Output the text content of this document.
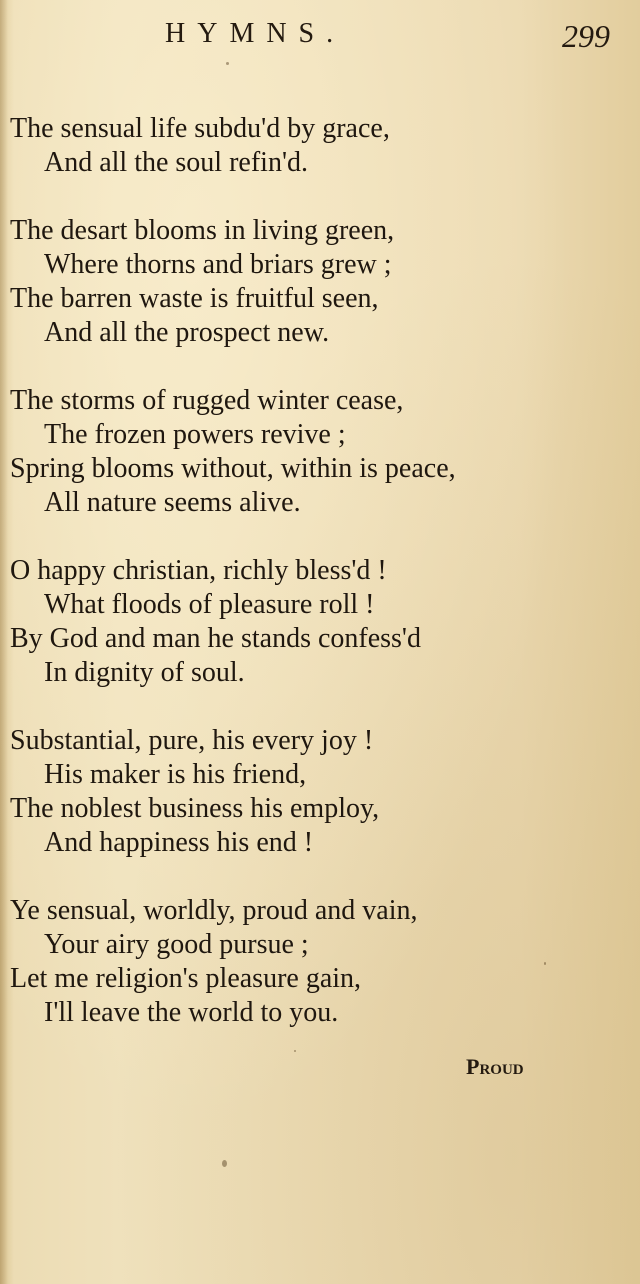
HYMNS.	299
The sensual life subdu'd by grace,
And all the soul refin'd.
The desart blooms in living green,
Where thorns and briars grew ;
The barren waste is fruitful seen,
And all the prospect new.
The storms of rugged winter cease,
The frozen powers revive ;
Spring blooms without, within is peace,
All nature seems alive.
O happy christian, richly bless'd !
What floods of pleasure roll !
By God and man he stands confess'd
In dignity of soul.
Substantial, pure, his every joy !
His maker is his friend,
The noblest business his employ,
And happiness his end !
Ye sensual, worldly, proud and vain,
Your airy good pursue ;
Let me religion's pleasure gain,
I'll leave the world to you.
Proud
